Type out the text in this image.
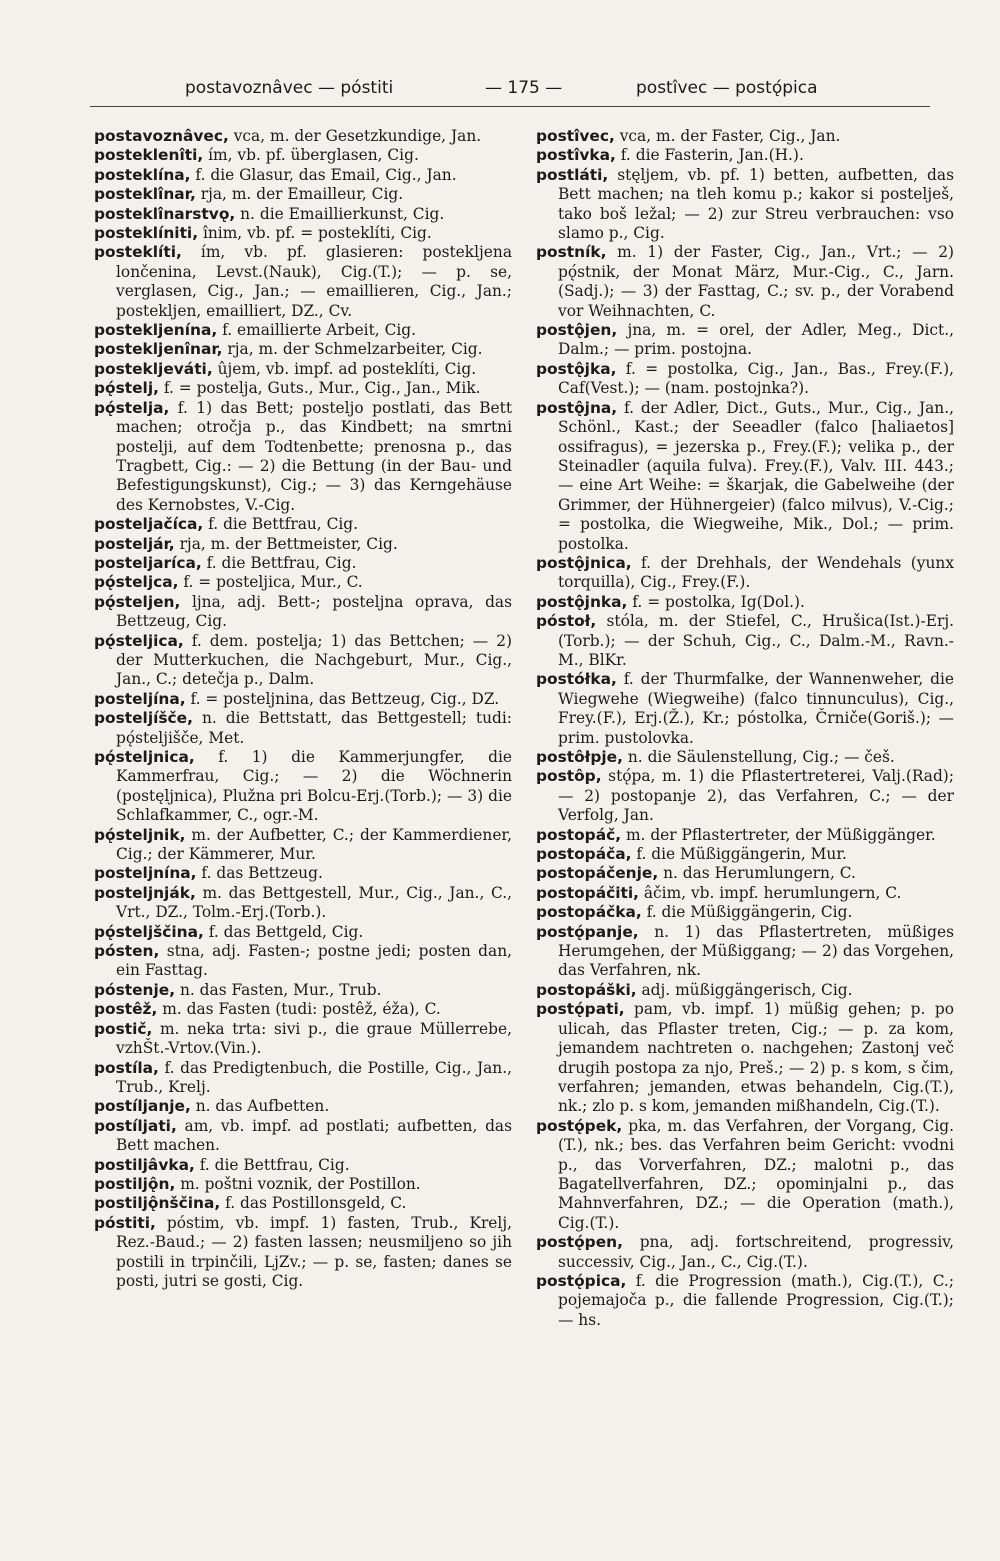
postavoznâvec — póstiti	— 175 —	postîvec — postǫ́pica

postavoznâvec, vca, m. der Gesetzkundige, Jan.

posteklenîti, ím, vb. pf. überglasen, Cig.

posteklína, f. die Glasur, das Email, Cig., Jan.

posteklînar, rja, m. der Emailleur, Cig.

posteklînarstvǫ, n. die Emaillierkunst, Cig.

posteklíniti, înim, vb. pf. = posteklíti, Cig.

posteklíti, ím, vb. pf. glasieren: postekljena lončenina, Levst.(Nauk), Cig.(T.); — p. se, verglasen, Cig., Jan.; — emaillieren, Cig., Jan.; postekljen, emailliert, DZ., Cv.

postekljenína, f. emaillierte Arbeit, Cig.

postekljenînar, rja, m. der Schmelzarbeiter, Cig.

postekljeváti, ûjem, vb. impf. ad posteklíti, Cig.

pǫ́stelj, f. = postelja, Guts., Mur., Cig., Jan., Mik.

pǫ́stelja, f. 1) das Bett; posteljo postlati, das Bett machen; otročja p., das Kindbett; na smrtni postelji, auf dem Todtenbette; prenosna p., das Tragbett, Cig.: — 2) die Bettung (in der Bau- und Befestigungskunst), Cig.; — 3) das Kerngehäuse des Kernobstes, V.-Cig.

posteljačíca, f. die Bettfrau, Cig.

posteljár, rja, m. der Bettmeister, Cig.

posteljaríca, f. die Bettfrau, Cig.

pǫ́steljca, f. = posteljica, Mur., C.

pǫ́steljen, ljna, adj. Bett-; posteljna oprava, das Bettzeug, Cig.

pǫ́steljica, f. dem. postelja; 1) das Bettchen; — 2) der Mutterkuchen, die Nachgeburt, Mur., Cig., Jan., C.; detečja p., Dalm.

posteljína, f. = posteljnina, das Bettzeug, Cig., DZ.

posteljíšče, n. die Bettstatt, das Bettgestell; tudi: pǫ́steljišče, Met.

pǫ́steljnica, f. 1) die Kammerjungfer, die Kammerfrau, Cig.; — 2) die Wöchnerin (postęljnica), Plužna pri Bolcu-Erj.(Torb.); — 3) die Schlafkammer, C., ogr.-M.

pǫ́steljnik, m. der Aufbetter, C.; der Kammerdiener, Cig.; der Kämmerer, Mur.

posteljnína, f. das Bettzeug.

posteljnják, m. das Bettgestell, Mur., Cig., Jan., C., Vrt., DZ., Tolm.-Erj.(Torb.).

pǫ́steljščina, f. das Bettgeld, Cig.

pósten, stna, adj. Fasten-; postne jedi; posten dan, ein Fasttag.

póstenje, n. das Fasten, Mur., Trub.

postêž, m. das Fasten (tudi: postêž, éža), C.

postič, m. neka trta: sivi p., die graue Müllerrebe, vzhŠt.-Vrtov.(Vin.).

postíla, f. das Predigtenbuch, die Postille, Cig., Jan., Trub., Krelj.

postíljanje, n. das Aufbetten.

postíljati, am, vb. impf. ad postlati; aufbetten, das Bett machen.

postiljâvka, f. die Bettfrau, Cig.

postiljǫ̂n, m. poštni voznik, der Postillon.

postiljǫ̂nščina, f. das Postillonsgeld, C.

póstiti, póstim, vb. impf. 1) fasten, Trub., Krelj, Rez.-Baud.; — 2) fasten lassen; neusmiljeno so jih postili in trpinčili, LjZv.; — p. se, fasten; danes se posti, jutri se gosti, Cig.

postîvec, vca, m. der Faster, Cig., Jan.

postîvka, f. die Fasterin, Jan.(H.).

postláti, stęljem, vb. pf. 1) betten, aufbetten, das Bett machen; na tleh komu p.; kakor si postelješ, tako boš ležal; — 2) zur Streu verbrauchen: vso slamo p., Cig.

postník, m. 1) der Faster, Cig., Jan., Vrt.; — 2) pǫ́stnik, der Monat März, Mur.-Cig., C., Jarn.(Sadj.); — 3) der Fasttag, C.; sv. p., der Vorabend vor Weihnachten, C.

postǫ̂jen, jna, m. = orel, der Adler, Meg., Dict., Dalm.; — prim. postojna.

postǫ̂jka, f. = postolka, Cig., Jan., Bas., Frey.(F.), Caf(Vest.); — (nam. postojnka?).

postǫ̂jna, f. der Adler, Dict., Guts., Mur., Cig., Jan., Schönl., Kast.; der Seeadler (falco [haliaetos] ossifragus), = jezerska p., Frey.(F.); velika p., der Steinadler (aquila fulva). Frey.(F.), Valv. III. 443.; — eine Art Weihe: = škarjak, die Gabelweihe (der Grimmer, der Hühnergeier) (falco milvus), V.-Cig.; = postolka, die Wiegweihe, Mik., Dol.; — prim. postolka.

postǫ̂jnica, f. der Drehhals, der Wendehals (yunx torquilla), Cig., Frey.(F.).

postǫ̂jnka, f. = postolka, Ig(Dol.).

póstoł, stóla, m. der Stiefel, C., Hrušica(Ist.)-Erj.(Torb.); — der Schuh, Cig., C., Dalm.-M., Ravn.-M., BlKr.

postółka, f. der Thurmfalke, der Wannenweher, die Wiegwehe (Wiegweihe) (falco tinnunculus), Cig., Frey.(F.), Erj.(Ž.), Kr.; póstolka, Črniče(Goriš.); — prim. pustolovka.

postôłpje, n. die Säulenstellung, Cig.; — češ.

postôp, stǫ́pa, m. 1) die Pflastertreterei, Valj.(Rad); — 2) postopanje 2), das Verfahren, C.; — der Verfolg, Jan.

postopáč, m. der Pflastertreter, der Müßiggänger.

postopáča, f. die Müßiggängerin, Mur.

postopáčenje, n. das Herumlungern, C.

postopáčiti, âčim, vb. impf. herumlungern, C.

postopáčka, f. die Müßiggängerin, Cig.

postǫ́panje, n. 1) das Pflastertreten, müßiges Herumgehen, der Müßiggang; — 2) das Vorgehen, das Verfahren, nk.

postopáški, adj. müßiggängerisch, Cig.

postǫ́pati, pam, vb. impf. 1) müßig gehen; p. po ulicah, das Pflaster treten, Cig.; — p. za kom, jemandem nachtreten o. nachgehen; Zastonj več drugih postopa za njo, Preš.; — 2) p. s kom, s čim, verfahren; jemanden, etwas behandeln, Cig.(T.), nk.; zlo p. s kom, jemanden mißhandeln, Cig.(T.).

postǫ́pek, pka, m. das Verfahren, der Vorgang, Cig.(T.), nk.; bes. das Verfahren beim Gericht: vvodni p., das Vorverfahren, DZ.; malotni p., das Bagatellverfahren, DZ.; opominjalni p., das Mahnverfahren, DZ.; — die Operation (math.), Cig.(T.).

postǫ́pen, pna, adj. fortschreitend, progressiv, successiv, Cig., Jan., C., Cig.(T.).

postǫ́pica, f. die Progression (math.), Cig.(T.), C.; pojemajoča p., die fallende Progression, Cig.(T.); — hs.
